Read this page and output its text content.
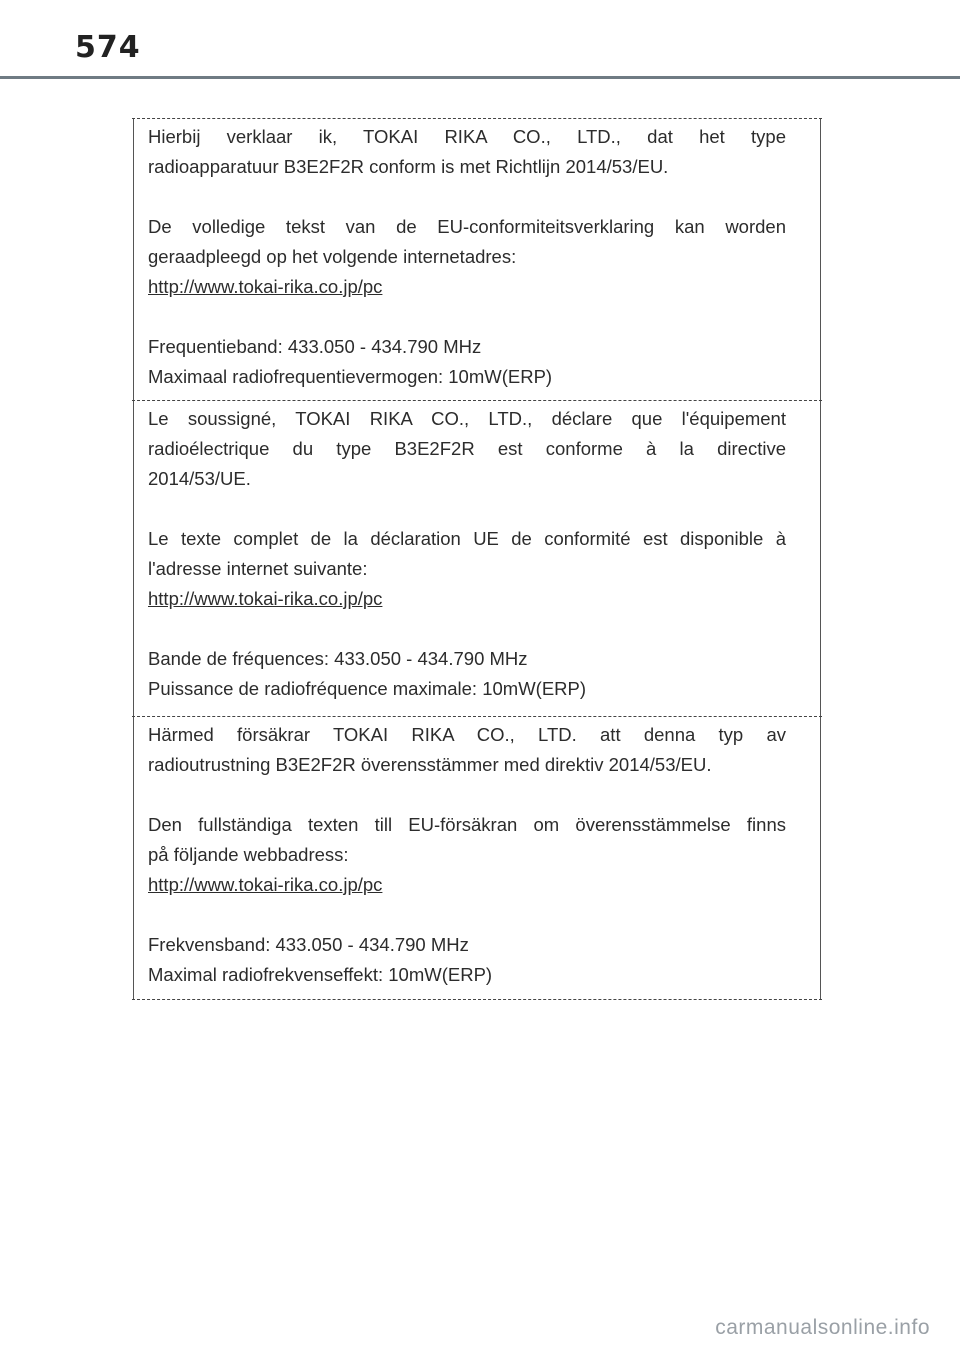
574

Hierbij verklaar ik, TOKAI RIKA CO., LTD., dat het type

radioapparatuur B3E2F2R conform is met Richtlijn 2014/53/EU.

De volledige tekst van de EU-conformiteitsverklaring kan worden

geraadpleegd op het volgende internetadres:

http://www.tokai-rika.co.jp/pc

Frequentieband: 433.050 - 434.790 MHz

Maximaal radiofrequentievermogen: 10mW(ERP)

Le soussigné, TOKAI RIKA CO., LTD., déclare que l'équipement

radioélectrique du type B3E2F2R est conforme à la directive

2014/53/UE.

Le texte complet de la déclaration UE de conformité est disponible à

l'adresse internet suivante:

http://www.tokai-rika.co.jp/pc

Bande de fréquences: 433.050 - 434.790 MHz

Puissance de radiofréquence maximale: 10mW(ERP)

Härmed försäkrar TOKAI RIKA CO., LTD. att denna typ av

radioutrustning B3E2F2R överensstämmer med direktiv 2014/53/EU.

Den fullständiga texten till EU-försäkran om överensstämmelse finns

på följande webbadress:

http://www.tokai-rika.co.jp/pc

Frekvensband: 433.050 - 434.790 MHz

Maximal radiofrekvenseffekt: 10mW(ERP)

carmanualsonline.info
